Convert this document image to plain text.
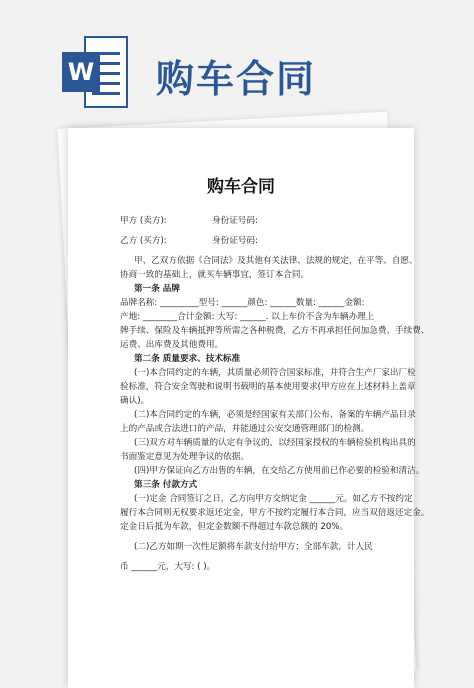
W 购车合同
购车合同
甲方 (卖方):	身份证号码:
乙方 (买方):	身份证号码:

甲、乙双方依据《合同法》及其他有关法律、法规的规定，在平等、自愿、

协商一致的基础上，就买车辆事宜，签订本合同。

第一条 品牌

品牌名称: _________型号: ______颜色: ______数量: ______金额:

产地: ________合计金额: 大写: ______. 以上车价不含为车辆办理上

牌手续、保险及车辆抵押等所需之各种税费，乙方不再承担任何加急费、手续费、

运费、出库费及其他费用。

第二条 质量要求、技术标准

(一)本合同约定的车辆，其质量必须符合国家标准，并符合生产厂家出厂检

验标准，符合安全驾驶和说明书载明的基本使用要求(甲方应在上述材料上盖章

确认)。

(二)本合同约定的车辆，必须是经国家有关部门公布、备案的车辆产品目录

上的产品或合法进口的产品，并能通过公安交通管理部门的检测。

(三)双方对车辆质量的认定有争议的，以经国家授权的车辆检验机构出具的

书面鉴定意见为处理争议的依据。

(四)甲方保证向乙方出售的车辆，在交给乙方使用前已作必要的检验和清洁。

第三条 付款方式

(一)定金 合同签订之日，乙方向甲方交纳定金 ______元。如乙方不按约定

履行本合同则无权要求返还定金，甲方不按约定履行本合同，应当双倍返还定金。

定金日后抵为车款，但定金数额不得超过车款总额的 20%。

(二)乙方如期一次性足额将车款支付给甲方：全部车款，计人民

币 ______元，大写: ( )。
